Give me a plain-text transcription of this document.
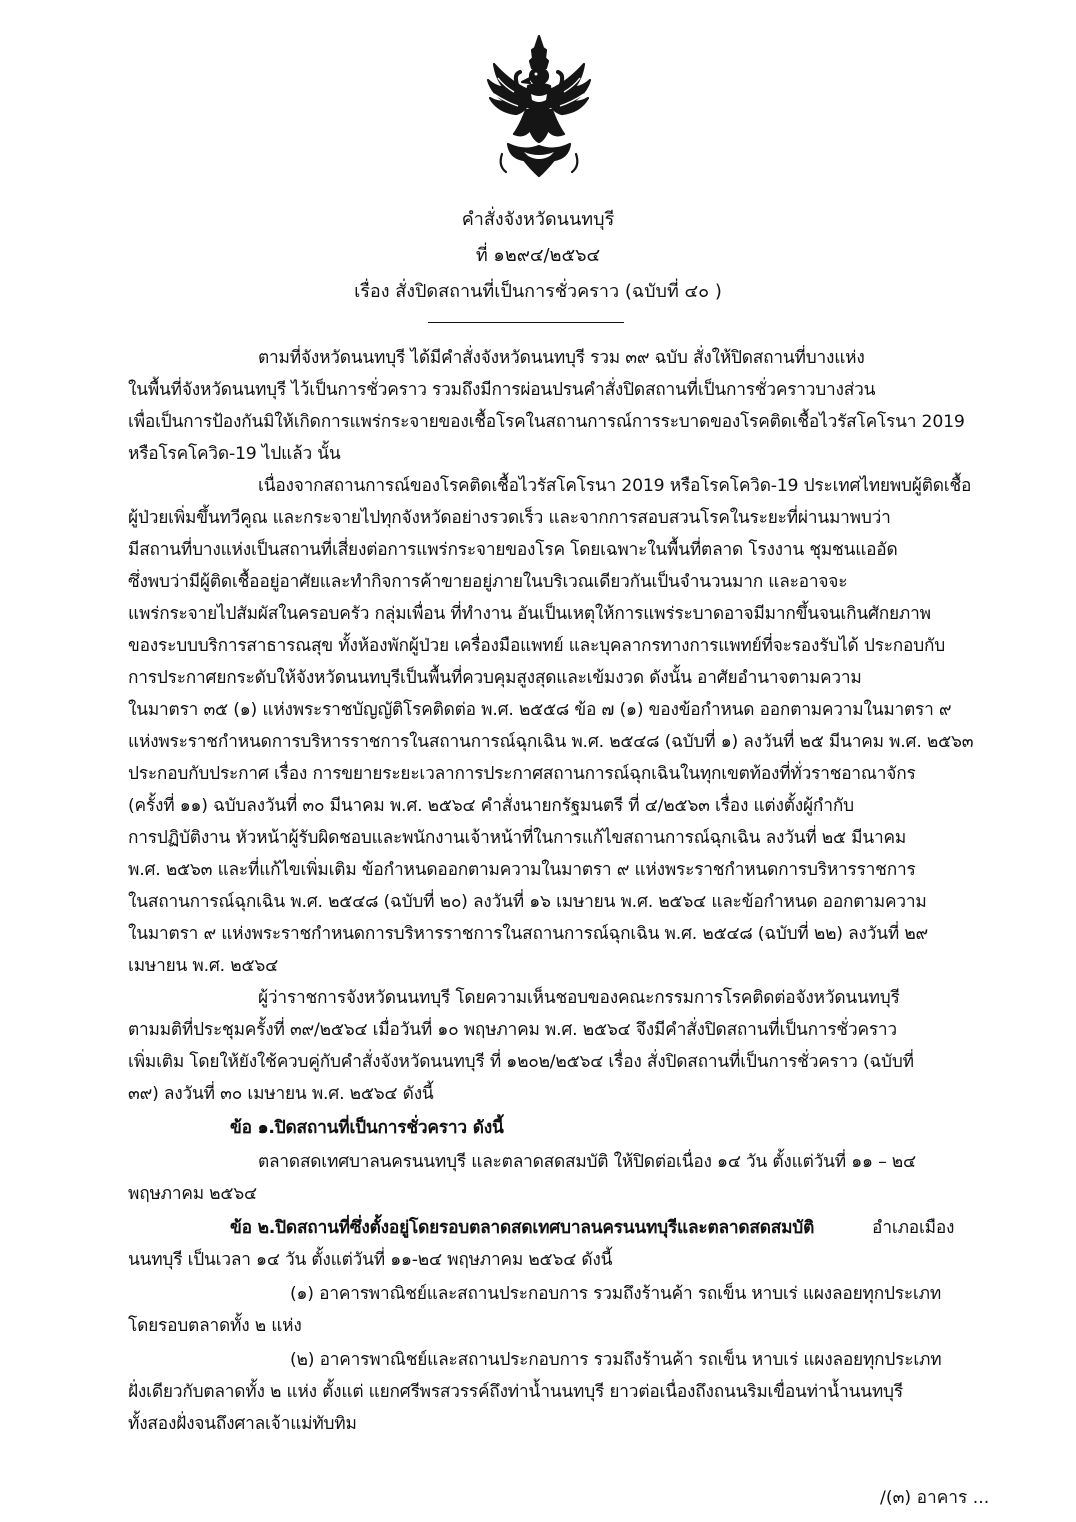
คำสั่งจังหวัดนนทบุรี
ที่ ๑๒๙๔/๒๕๖๔
เรื่อง สั่งปิดสถานที่เป็นการชั่วคราว (ฉบับที่ ๔๐ )
ตามที่จังหวัดนนทบุรี ได้มีคำสั่งจังหวัดนนทบุรี รวม ๓๙ ฉบับ สั่งให้ปิดสถานที่บางแห่ง
ในพื้นที่จังหวัดนนทบุรี ไว้เป็นการชั่วคราว รวมถึงมีการผ่อนปรนคำสั่งปิดสถานที่เป็นการชั่วคราวบางส่วน
เพื่อเป็นการป้องกันมิให้เกิดการแพร่กระจายของเชื้อโรคในสถานการณ์การระบาดของโรคติดเชื้อไวรัสโคโรนา 2019
หรือโรคโควิด-19 ไปแล้ว นั้น
เนื่องจากสถานการณ์ของโรคติดเชื้อไวรัสโคโรนา 2019 หรือโรคโควิด-19 ประเทศไทยพบผู้ติดเชื้อ
ผู้ป่วยเพิ่มขึ้นทวีคูณ และกระจายไปทุกจังหวัดอย่างรวดเร็ว และจากการสอบสวนโรคในระยะที่ผ่านมาพบว่า
มีสถานที่บางแห่งเป็นสถานที่เสี่ยงต่อการแพร่กระจายของโรค โดยเฉพาะในพื้นที่ตลาด โรงงาน ชุมชนแออัด
ซึ่งพบว่ามีผู้ติดเชื้ออยู่อาศัยและทำกิจการค้าขายอยู่ภายในบริเวณเดียวกันเป็นจำนวนมาก และอาจจะ
แพร่กระจายไปสัมผัสในครอบครัว กลุ่มเพื่อน ที่ทำงาน อันเป็นเหตุให้การแพร่ระบาดอาจมีมากขึ้นจนเกินศักยภาพ
ของระบบบริการสาธารณสุข ทั้งห้องพักผู้ป่วย เครื่องมือแพทย์ และบุคลากรทางการแพทย์ที่จะรองรับได้ ประกอบกับ
การประกาศยกระดับให้จังหวัดนนทบุรีเป็นพื้นที่ควบคุมสูงสุดและเข้มงวด ดังนั้น อาศัยอำนาจตามความ
ในมาตรา ๓๕ (๑) แห่งพระราชบัญญัติโรคติดต่อ พ.ศ. ๒๕๕๘ ข้อ ๗ (๑) ของข้อกำหนด ออกตามความในมาตรา ๙
แห่งพระราชกำหนดการบริหารราชการในสถานการณ์ฉุกเฉิน พ.ศ. ๒๕๔๘ (ฉบับที่ ๑) ลงวันที่ ๒๕ มีนาคม พ.ศ. ๒๕๖๓
ประกอบกับประกาศ เรื่อง การขยายระยะเวลาการประกาศสถานการณ์ฉุกเฉินในทุกเขตท้องที่ทั่วราชอาณาจักร
(ครั้งที่ ๑๑) ฉบับลงวันที่ ๓๐ มีนาคม พ.ศ. ๒๕๖๔ คำสั่งนายกรัฐมนตรี ที่ ๔/๒๕๖๓ เรื่อง แต่งตั้งผู้กำกับ
การปฏิบัติงาน หัวหน้าผู้รับผิดชอบและพนักงานเจ้าหน้าที่ในการแก้ไขสถานการณ์ฉุกเฉิน ลงวันที่ ๒๕ มีนาคม
พ.ศ. ๒๕๖๓ และที่แก้ไขเพิ่มเติม ข้อกำหนดออกตามความในมาตรา ๙ แห่งพระราชกำหนดการบริหารราชการ
ในสถานการณ์ฉุกเฉิน พ.ศ. ๒๕๔๘ (ฉบับที่ ๒๐) ลงวันที่ ๑๖ เมษายน พ.ศ. ๒๕๖๔ และข้อกำหนด ออกตามความ
ในมาตรา ๙ แห่งพระราชกำหนดการบริหารราชการในสถานการณ์ฉุกเฉิน พ.ศ. ๒๕๔๘ (ฉบับที่ ๒๒) ลงวันที่ ๒๙
เมษายน พ.ศ. ๒๕๖๔
ผู้ว่าราชการจังหวัดนนทบุรี โดยความเห็นชอบของคณะกรรมการโรคติดต่อจังหวัดนนทบุรี
ตามมติที่ประชุมครั้งที่ ๓๙/๒๕๖๔ เมื่อวันที่ ๑๐ พฤษภาคม พ.ศ. ๒๕๖๔ จึงมีคำสั่งปิดสถานที่เป็นการชั่วคราว
เพิ่มเติม โดยให้ยังใช้ควบคู่กับคำสั่งจังหวัดนนทบุรี ที่ ๑๒๐๒/๒๕๖๔ เรื่อง สั่งปิดสถานที่เป็นการชั่วคราว (ฉบับที่
๓๙) ลงวันที่ ๓๐ เมษายน พ.ศ. ๒๕๖๔ ดังนี้
ข้อ ๑.ปิดสถานที่เป็นการชั่วคราว ดังนี้
ตลาดสดเทศบาลนครนนทบุรี และตลาดสดสมบัติ ให้ปิดต่อเนื่อง ๑๔ วัน ตั้งแต่วันที่ ๑๑ – ๒๔
พฤษภาคม ๒๕๖๔
ข้อ ๒.ปิดสถานที่ซึ่งตั้งอยู่โดยรอบตลาดสดเทศบาลนครนนทบุรีและตลาดสดสมบัติ	อำเภอเมือง
นนทบุรี เป็นเวลา ๑๔ วัน ตั้งแต่วันที่ ๑๑-๒๔ พฤษภาคม ๒๕๖๔ ดังนี้
(๑) อาคารพาณิชย์และสถานประกอบการ รวมถึงร้านค้า รถเข็น หาบเร่ แผงลอยทุกประเภท
โดยรอบตลาดทั้ง ๒ แห่ง
(๒) อาคารพาณิชย์และสถานประกอบการ รวมถึงร้านค้า รถเข็น หาบเร่ แผงลอยทุกประเภท
ฝั่งเดียวกับตลาดทั้ง ๒ แห่ง ตั้งแต่ แยกศรีพรสวรรค์ถึงท่าน้ำนนทบุรี ยาวต่อเนื่องถึงถนนริมเขื่อนท่าน้ำนนทบุรี
ทั้งสองฝั่งจนถึงศาลเจ้าแม่ทับทิม
/(๓) อาคาร ...
